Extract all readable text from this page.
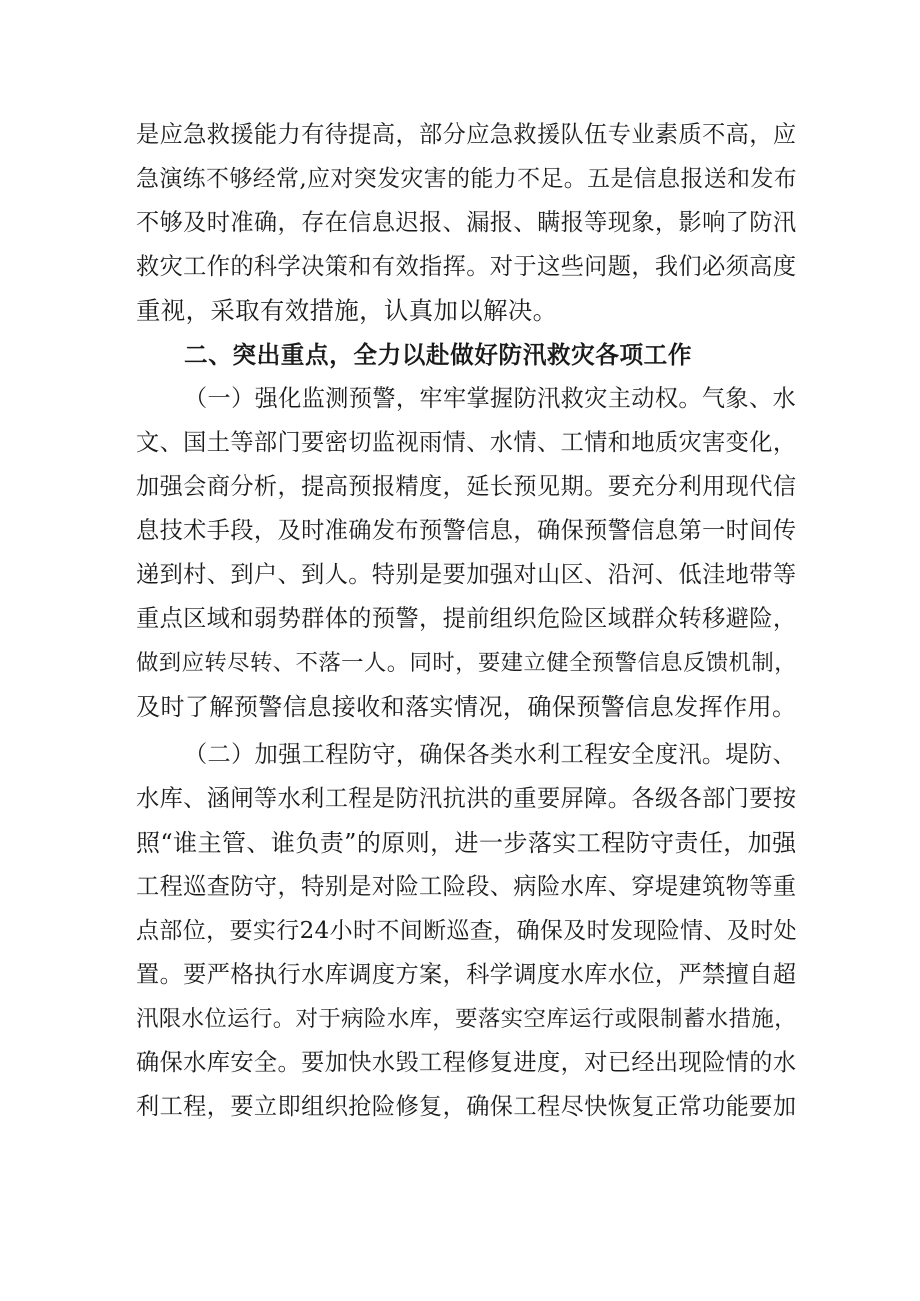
是应急救援能力有待提高，部分应急救援队伍专业素质不高，应
急演练不够经常,应对突发灾害的能力不足。五是信息报送和发布
不够及时准确，存在信息迟报、漏报、瞒报等现象，影响了防汛
救灾工作的科学决策和有效指挥。对于这些问题，我们必须高度
重视，采取有效措施，认真加以解决。
二、突出重点，全力以赴做好防汛救灾各项工作
（一）强化监测预警，牢牢掌握防汛救灾主动权。气象、水
文、国土等部门要密切监视雨情、水情、工情和地质灾害变化，
加强会商分析，提高预报精度，延长预见期。要充分利用现代信
息技术手段，及时准确发布预警信息，确保预警信息第一时间传
递到村、到户、到人。特别是要加强对山区、沿河、低洼地带等
重点区域和弱势群体的预警，提前组织危险区域群众转移避险，
做到应转尽转、不落一人。同时，要建立健全预警信息反馈机制，
及时了解预警信息接收和落实情况，确保预警信息发挥作用。
（二）加强工程防守，确保各类水利工程安全度汛。堤防、
水库、涵闸等水利工程是防汛抗洪的重要屏障。各级各部门要按
照“谁主管、谁负责”的原则，进一步落实工程防守责任，加强
工程巡查防守，特别是对险工险段、病险水库、穿堤建筑物等重
点部位，要实行24小时不间断巡查，确保及时发现险情、及时处
置。要严格执行水库调度方案，科学调度水库水位，严禁擅自超
汛限水位运行。对于病险水库，要落实空库运行或限制蓄水措施，
确保水库安全。要加快水毁工程修复进度，对已经出现险情的水
利工程，要立即组织抢险修复，确保工程尽快恢复正常功能要加
